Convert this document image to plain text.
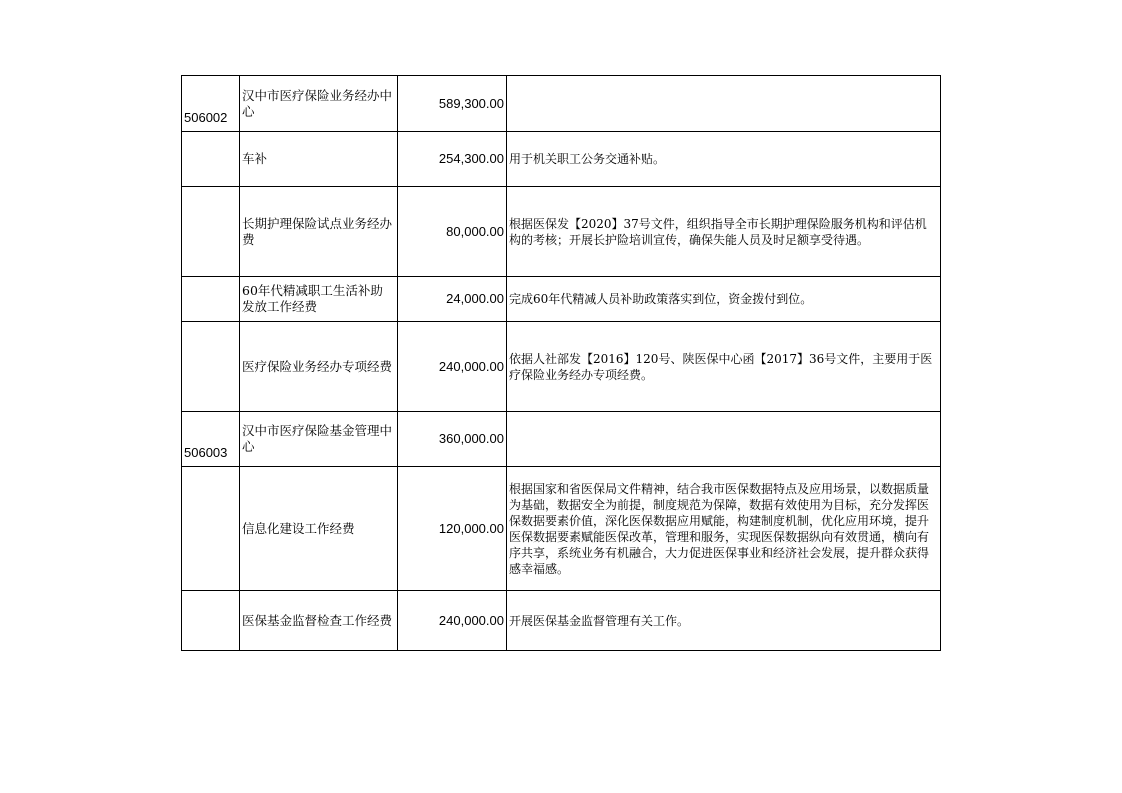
506002	汉中市医疗保险业务经办中心	589,300.00	
	车补	254,300.00	用于机关职工公务交通补贴。
	长期护理保险试点业务经办费	80,000.00	根据医保发【2020】37号文件，组织指导全市长期护理保险服务机构和评估机构的考核；开展长护险培训宣传，确保失能人员及时足额享受待遇。
	60年代精减职工生活补助发放工作经费	24,000.00	完成60年代精减人员补助政策落实到位，资金拨付到位。
	医疗保险业务经办专项经费	240,000.00	依据人社部发【2016】120号、陕医保中心函【2017】36号文件，主要用于医疗保险业务经办专项经费。
506003	汉中市医疗保险基金管理中心	360,000.00	
	信息化建设工作经费	120,000.00	根据国家和省医保局文件精神，结合我市医保数据特点及应用场景，以数据质量为基础，数据安全为前提，制度规范为保障，数据有效使用为目标，充分发挥医保数据要素价值，深化医保数据应用赋能，构建制度机制，优化应用环境，提升医保数据要素赋能医保改革，管理和服务，实现医保数据纵向有效贯通，横向有序共享，系统业务有机融合，大力促进医保事业和经济社会发展，提升群众获得感幸福感。
	医保基金监督检查工作经费	240,000.00	开展医保基金监督管理有关工作。
